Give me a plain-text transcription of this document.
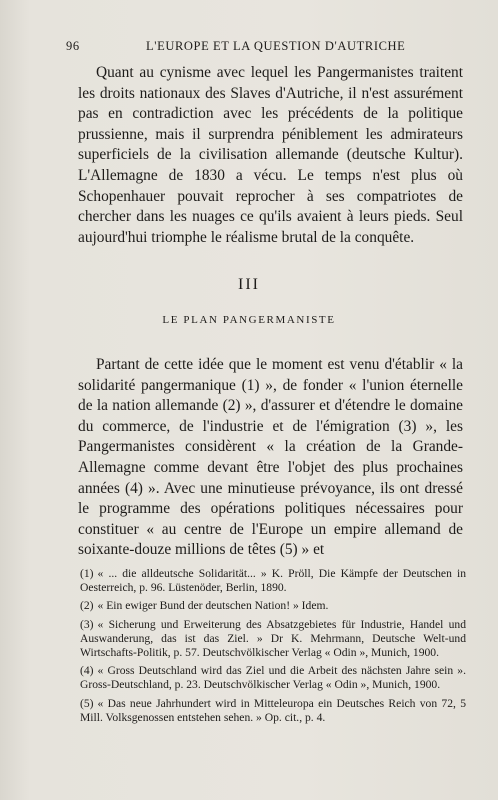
96	L'EUROPE ET LA QUESTION D'AUTRICHE

Quant au cynisme avec lequel les Pangermanistes traitent les droits nationaux des Slaves d'Autriche, il n'est assurément pas en contradiction avec les précédents de la politique prussienne, mais il surprendra péniblement les admirateurs superficiels de la civilisation allemande (deutsche Kultur). L'Allemagne de 1830 a vécu. Le temps n'est plus où Schopenhauer pouvait reprocher à ses compatriotes de chercher dans les nuages ce qu'ils avaient à leurs pieds. Seul aujourd'hui triomphe le réalisme brutal de la conquête.

III
LE PLAN PANGERMANISTE

Partant de cette idée que le moment est venu d'établir « la solidarité pangermanique (1) », de fonder « l'union éternelle de la nation allemande (2) », d'assurer et d'étendre le domaine du commerce, de l'industrie et de l'émigration (3) », les Pangermanistes considèrent « la création de la Grande-Allemagne comme devant être l'objet des plus prochaines années (4) ». Avec une minutieuse prévoyance, ils ont dressé le programme des opérations politiques nécessaires pour constituer « au centre de l'Europe un empire allemand de soixante-douze millions de têtes (5) » et

(1) « ... die alldeutsche Solidarität... » K. Pröll, Die Kämpfe der Deutschen in Oesterreich, p. 96. Lüstenöder, Berlin, 1890.

(2) « Ein ewiger Bund der deutschen Nation! » Idem.

(3) « Sicherung und Erweiterung des Absatzgebietes für Industrie, Handel und Auswanderung, das ist das Ziel. » Dr K. Mehrmann, Deutsche Welt-und Wirtschafts-Politik, p. 57. Deutschvölkischer Verlag « Odin », Munich, 1900.

(4) « Gross Deutschland wird das Ziel und die Arbeit des nächsten Jahre sein ». Gross-Deutschland, p. 23. Deutschvölkischer Verlag « Odin », Munich, 1900.

(5) « Das neue Jahrhundert wird in Mitteleuropa ein Deutsches Reich von 72, 5 Mill. Volksgenossen entstehen sehen. » Op. cit., p. 4.
